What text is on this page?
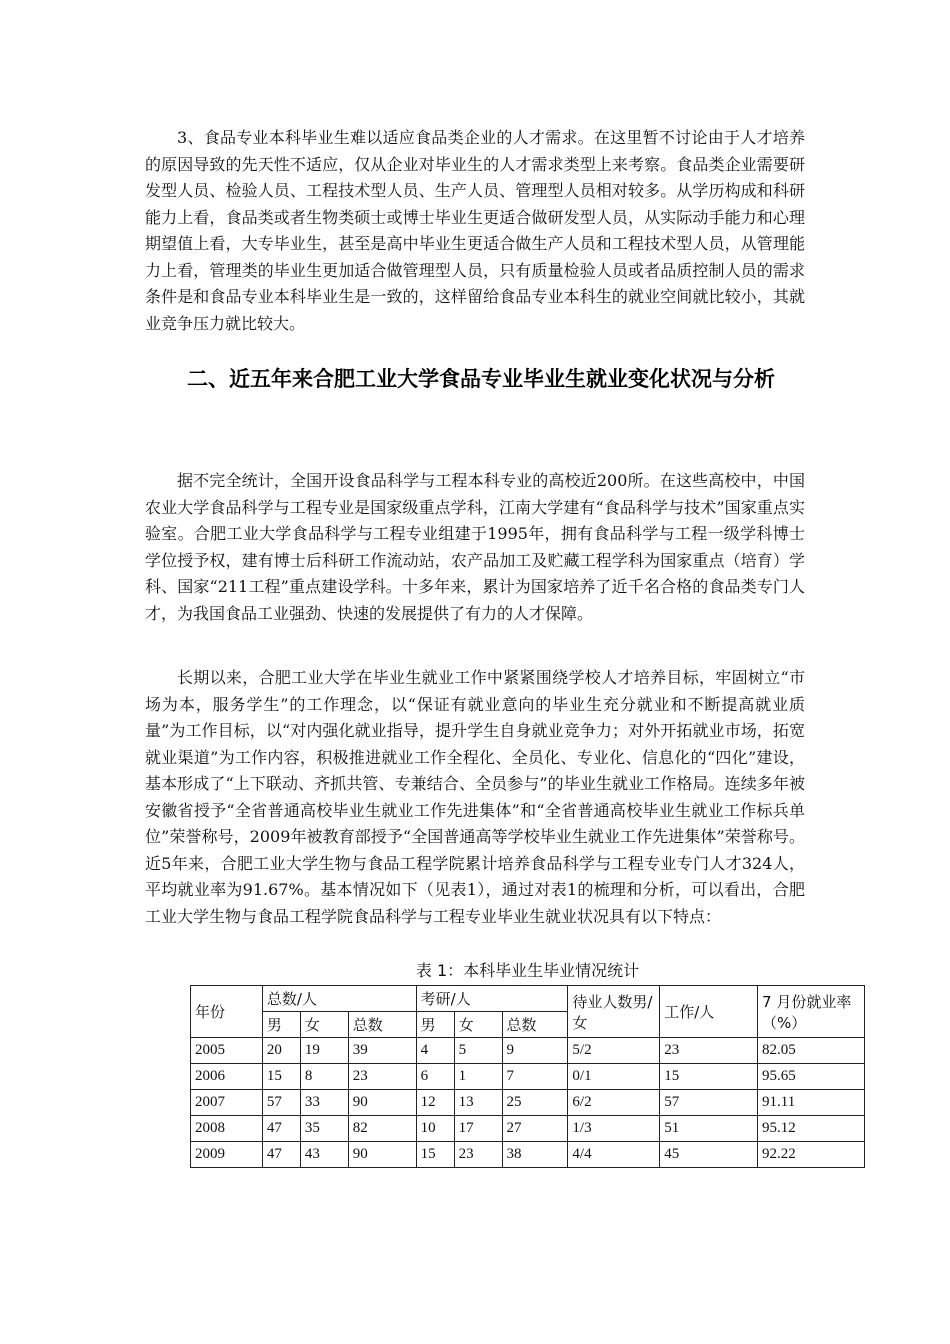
3、食品专业本科毕业生难以适应食品类企业的人才需求。在这里暂不讨论由于人才培养的原因导致的先天性不适应，仅从企业对毕业生的人才需求类型上来考察。食品类企业需要研发型人员、检验人员、工程技术型人员、生产人员、管理型人员相对较多。从学历构成和科研能力上看，食品类或者生物类硕士或博士毕业生更适合做研发型人员，从实际动手能力和心理期望值上看，大专毕业生，甚至是高中毕业生更适合做生产人员和工程技术型人员，从管理能力上看，管理类的毕业生更加适合做管理型人员，只有质量检验人员或者品质控制人员的需求条件是和食品专业本科毕业生是一致的，这样留给食品专业本科生的就业空间就比较小，其就业竞争压力就比较大。

二、近五年来合肥工业大学食品专业毕业生就业变化状况与分析

据不完全统计，全国开设食品科学与工程本科专业的高校近200所。在这些高校中，中国农业大学食品科学与工程专业是国家级重点学科，江南大学建有“食品科学与技术”国家重点实验室。合肥工业大学食品科学与工程专业组建于1995年，拥有食品科学与工程一级学科博士学位授予权，建有博士后科研工作流动站，农产品加工及贮藏工程学科为国家重点（培育）学科、国家“211工程”重点建设学科。十多年来，累计为国家培养了近千名合格的食品类专门人才，为我国食品工业强劲、快速的发展提供了有力的人才保障。

长期以来，合肥工业大学在毕业生就业工作中紧紧围绕学校人才培养目标，牢固树立“市场为本，服务学生”的工作理念，以“保证有就业意向的毕业生充分就业和不断提高就业质量”为工作目标，以“对内强化就业指导，提升学生自身就业竞争力；对外开拓就业市场，拓宽就业渠道”为工作内容，积极推进就业工作全程化、全员化、专业化、信息化的“四化”建设，基本形成了“上下联动、齐抓共管、专兼结合、全员参与”的毕业生就业工作格局。连续多年被安徽省授予“全省普通高校毕业生就业工作先进集体”和“全省普通高校毕业生就业工作标兵单位”荣誉称号，2009年被教育部授予“全国普通高等学校毕业生就业工作先进集体”荣誉称号。近5年来，合肥工业大学生物与食品工程学院累计培养食品科学与工程专业专门人才324人，平均就业率为91.67%。基本情况如下（见表1），通过对表1的梳理和分析，可以看出，合肥工业大学生物与食品工程学院食品科学与工程专业毕业生就业状况具有以下特点：

表 1：本科毕业生毕业情况统计
年份	总数/人			考研/人			待业人数男/女	工作/人	7 月份就业率（%）
	男	女	总数	男	女	总数			
2005	20	19	39	4	5	9	5/2	23	82.05
2006	15	8	23	6	1	7	0/1	15	95.65
2007	57	33	90	12	13	25	6/2	57	91.11
2008	47	35	82	10	17	27	1/3	51	95.12
2009	47	43	90	15	23	38	4/4	45	92.22
